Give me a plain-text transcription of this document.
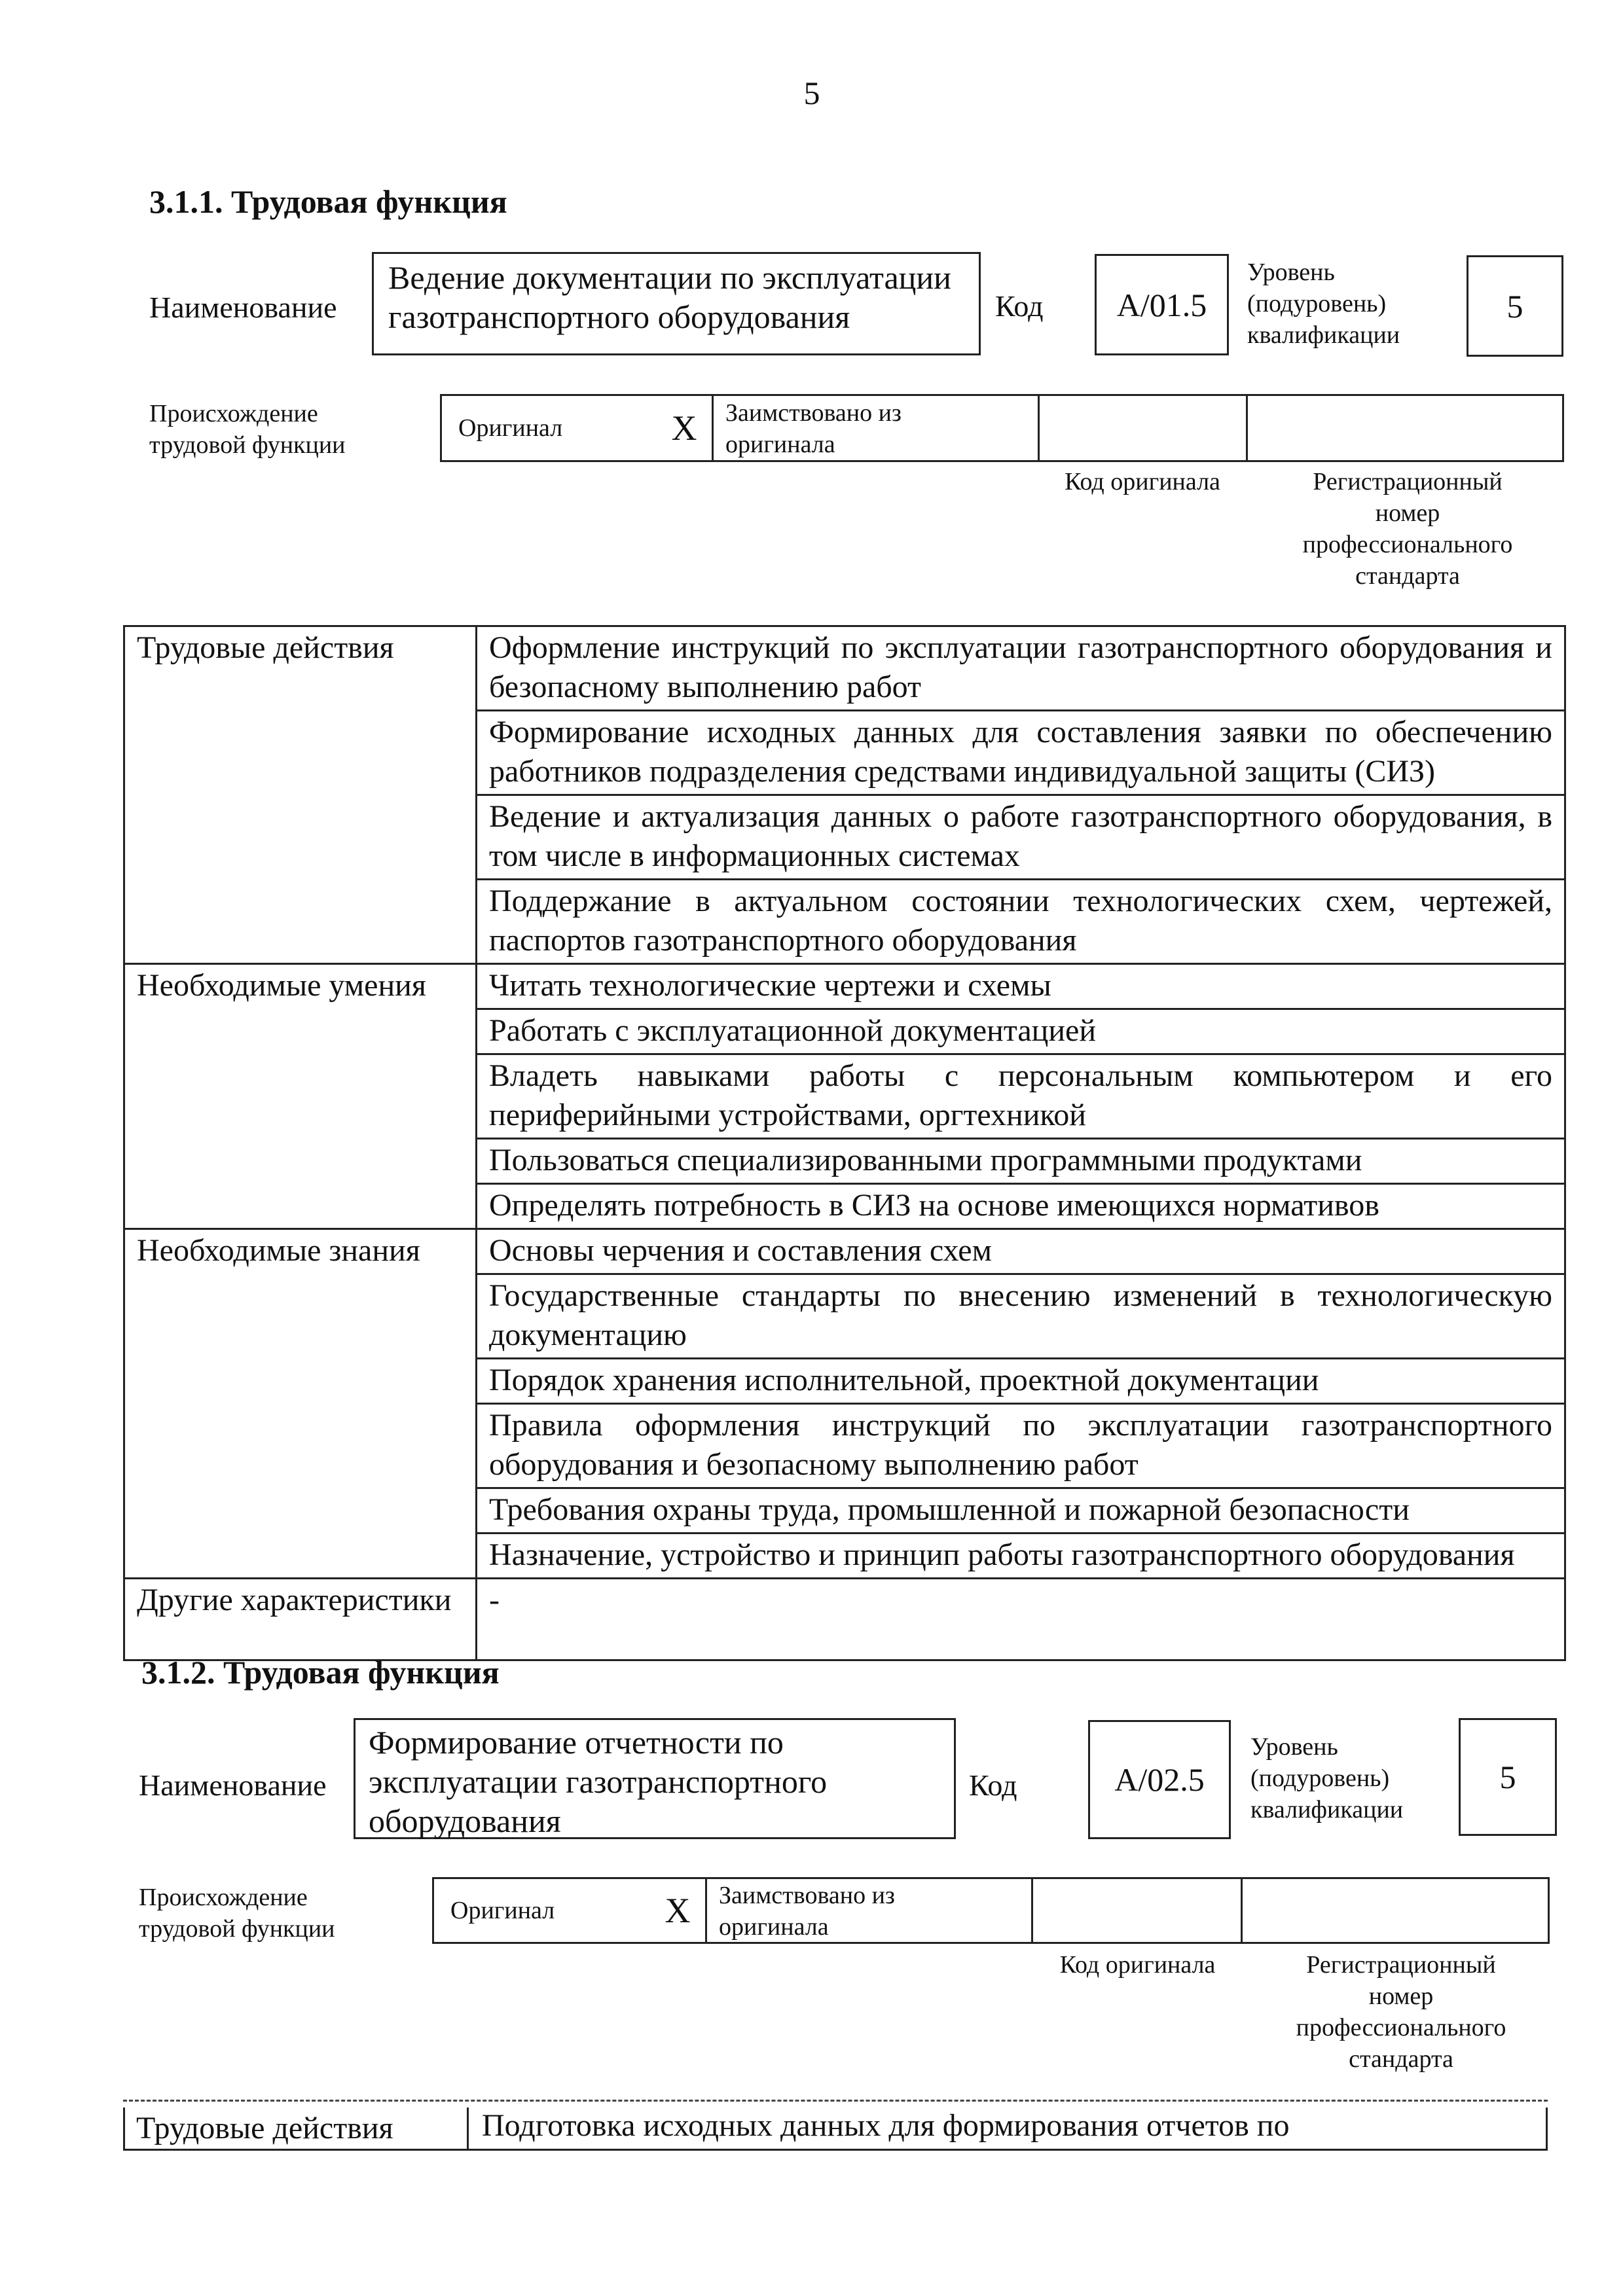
5
3.1.1. Трудовая функция
Наименование
Ведение документации по эксплуатации
газотранспортного оборудования	Код А/01.5
Уровень
(подуровень)
квалификации
5
Происхождение
трудовой функции
Оригинал	X	Заимствовано из
оригинала
Код оригинала	Регистрационный
номер
профессионального
стандарта
Трудовые действия	Оформление инструкций по эксплуатации газотранспортного оборудования и безопасному выполнению работ
	Формирование исходных данных для составления заявки по обеспечению работников подразделения средствами индивидуальной защиты (СИЗ)
	Ведение и актуализация данных о работе газотранспортного оборудования, в том числе в информационных системах
	Поддержание в актуальном состоянии технологических схем, чертежей, паспортов газотранспортного оборудования
Необходимые умения	Читать технологические чертежи и схемы
	Работать с эксплуатационной документацией
	Владеть навыками работы с персональным компьютером и его периферийными устройствами, оргтехникой
	Пользоваться специализированными программными продуктами
	Определять потребность в СИЗ на основе имеющихся нормативов
Необходимые знания	Основы черчения и составления схем
	Государственные стандарты по внесению изменений в технологическую документацию
	Порядок хранения исполнительной, проектной документации
	Правила оформления инструкций по эксплуатации газотранспортного оборудования и безопасному выполнению работ
	Требования охраны труда, промышленной и пожарной безопасности
	Назначение, устройство и принцип работы газотранспортного оборудования
Другие характеристики	-
3.1.2. Трудовая функция
Наименование
Формирование отчетности по
эксплуатации газотранспортного
оборудования
Код	А/02.5
Уровень
(подуровень)
квалификации
5
Происхождение
трудовой функции
Оригинал	X	Заимствовано из
оригинала
Код оригинала	Регистрационный
номер
профессионального
стандарта
Трудовые действия	Подготовка исходных данных для формирования отчетов по
